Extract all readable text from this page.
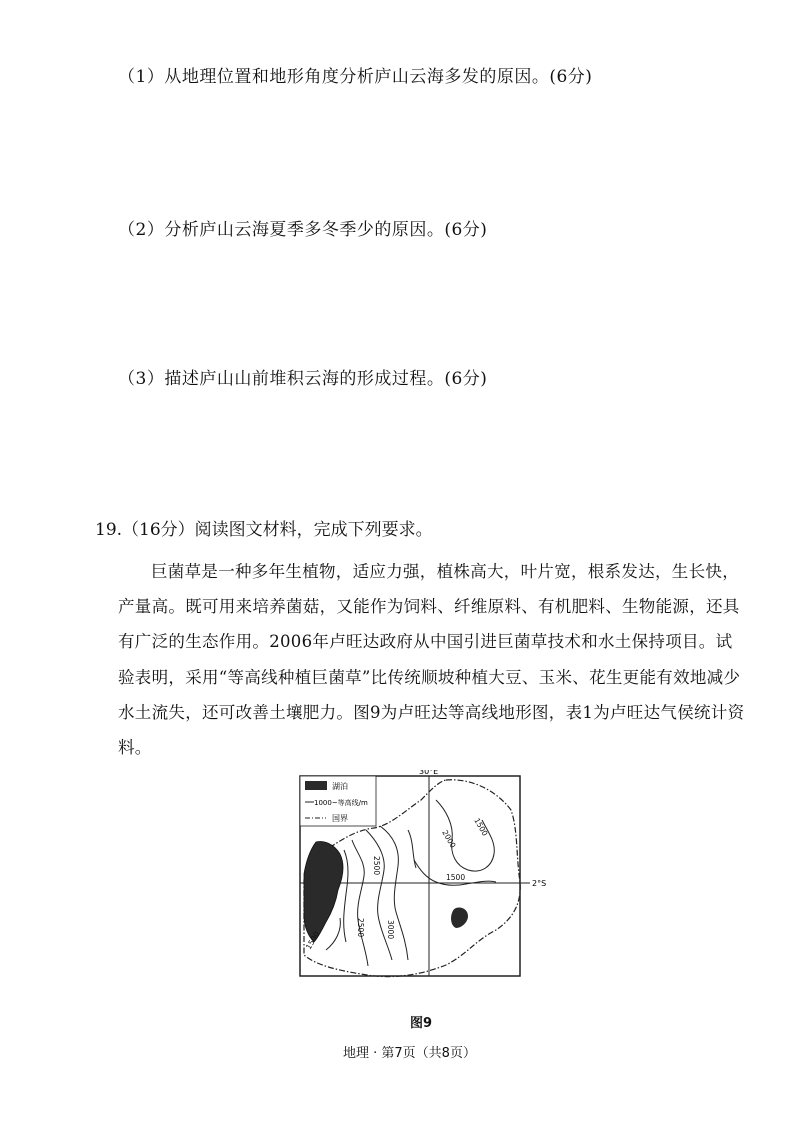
（1）从地理位置和地形角度分析庐山云海多发的原因。(6分)
（2）分析庐山云海夏季多冬季少的原因。(6分)
（3）描述庐山山前堆积云海的形成过程。(6分)
19.（16分）阅读图文材料，完成下列要求。

巨菌草是一种多年生植物，适应力强，植株高大，叶片宽，根系发达，生长快，产量高。既可用来培养菌菇，又能作为饲料、纤维原料、有机肥料、生物能源，还具有广泛的生态作用。2006年卢旺达政府从中国引进巨菌草技术和水土保持项目。试验表明，采用“等高线种植巨菌草”比传统顺坡种植大豆、玉米、花生更能有效地减少水土流失，还可改善土壤肥力。图9为卢旺达等高线地形图，表1为卢旺达气侯统计资料。

30°E
2°S
湖泊
1000~等高线/m
国界
2000
1500
2500
1500
2500	3000
1500
图9
地理 · 第7页（共8页）
